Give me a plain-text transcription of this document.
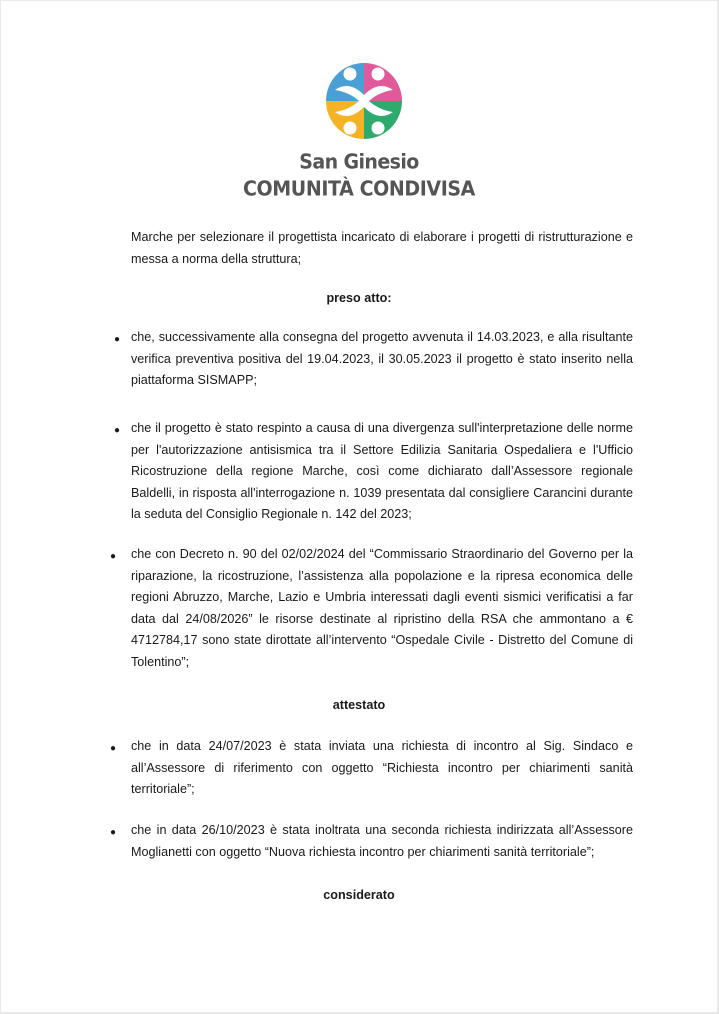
San Ginesio
COMUNITÀ CONDIVISA
Marche per selezionare il progettista incaricato di elaborare i progetti di ristrutturazione e messa a norma della struttura;
preso atto:
● che, successivamente alla consegna del progetto avvenuta il 14.03.2023, e alla risultante verifica preventiva positiva del 19.04.2023, il 30.05.2023 il progetto è stato inserito nella piattaforma SISMAPP;
● che il progetto è stato respinto a causa di una divergenza sull'interpretazione delle norme per l'autorizzazione antisismica tra il Settore Edilizia Sanitaria Ospedaliera e l'Ufficio Ricostruzione della regione Marche, così come dichiarato dall’Assessore regionale Baldelli, in risposta all'interrogazione n. 1039 presentata dal consigliere Carancini durante la seduta del Consiglio Regionale n. 142 del 2023;
● che con Decreto n. 90 del 02/02/2024 del “Commissario Straordinario del Governo per la riparazione, la ricostruzione, l’assistenza alla popolazione e la ripresa economica delle regioni Abruzzo, Marche, Lazio e Umbria interessati dagli eventi sismici verificatisi a far data dal 24/08/2026” le risorse destinate al ripristino della RSA che ammontano a € 4712784,17 sono state dirottate all’intervento “Ospedale Civile - Distretto del Comune di Tolentino”;
attestato
● che in data 24/07/2023 è stata inviata una richiesta di incontro al Sig. Sindaco e all’Assessore di riferimento con oggetto “Richiesta incontro per chiarimenti sanità territoriale”;
● che in data 26/10/2023 è stata inoltrata una seconda richiesta indirizzata all’Assessore Moglianetti con oggetto “Nuova richiesta incontro per chiarimenti sanità territoriale”;
considerato
